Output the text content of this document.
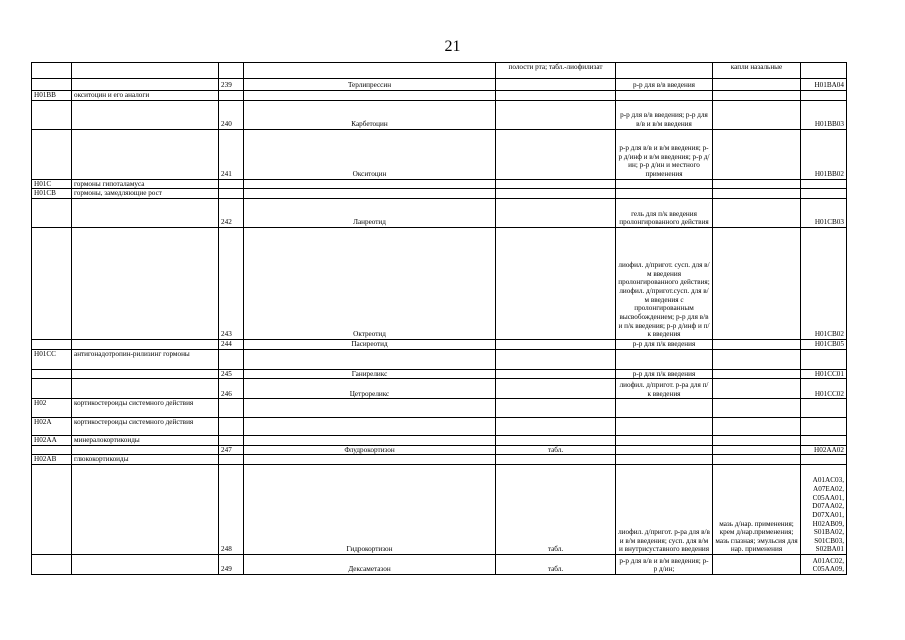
21
				полости рта; табл.-лиофилизат		капли назальные	
		239	Терлипрессин		р-р для в/в введения		H01BA04
H01BB	окситоцин и его аналоги						
		240	Карбетоцин		р-р для в/в введения; р-р для в/в и в/м введения		H01BB03
		241	Окситоцин		р-р для в/в и в/м введения; р-р д/инф и в/м введения; р-р д/ин; р-р д/ин и местного применения		H01BB02
H01C	гормоны гипоталамуса						
H01CB	гормоны, замедляющие рост						
		242	Ланреотид		гель для п/к введения пролонгированного действия		H01CB03
		243	Октреотид		лиофил. д/пригот. сусп. для в/м введения пролонгированного действия; лиофил. д/пригот.сусп. для в/м введения с пролонгированным высвобождением; р-р для в/в и п/к введения; р-р д/инф и п/к введения		H01CB02
		244	Пасиреотид		р-р для п/к введения		H01CB05
H01CC	антигонадотропин-рилизинг гормоны						
		245	Ганиреликс		р-р для п/к введения		H01CC01
		246	Цетрореликс		лиофил. д/пригот. р-ра для п/к введения		H01CC02
H02	кортикостероиды системного действия						
H02A	кортикостероиды системного действия						
H02AA	минералокортикоиды						
		247	Флудрокортизон	табл.			H02AA02
H02AB	глюкокортикоиды						
		248	Гидрокортизон	табл.	лиофил. д/пригот. р-ра для в/в и в/м введения; сусп. для в/м и внутрисуставного введения	мазь д/нар. применения; крем д/нар.применения; мазь глазная; эмульсия для нар. применения	A01AC03, A07EA02, C05AA01, D07AA02, D07XA01, H02AB09, S01BA02, S01CB03, S02BA01
		249	Дексаметазон	табл.	р-р для в/в и в/м введения; р-р д/ин;		A01AC02, C05AA09,
